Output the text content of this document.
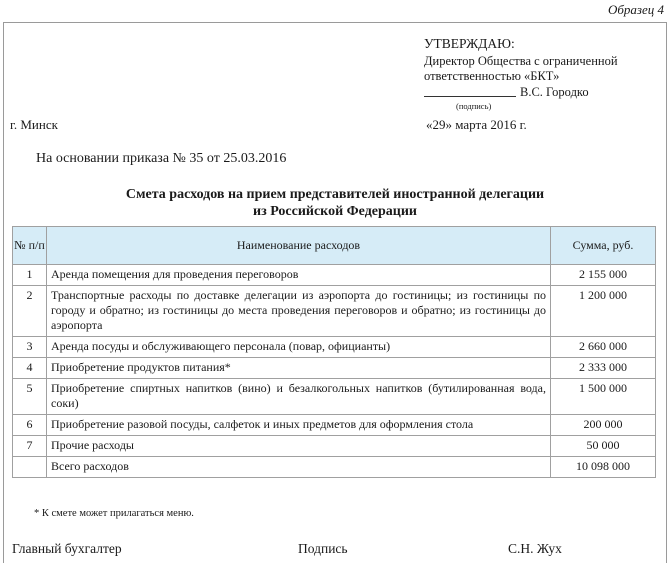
Образец 4
УТВЕРЖДАЮ:
Директор Общества с ограниченной
ответственностью «БКТ»
В.С. Городко
(подпись)
г. Минск	«29» марта 2016 г.
На основании приказа № 35 от 25.03.2016
Смета расходов на прием представителей иностранной делегации
из Российской Федерации
№ п/п	Наименование расходов	Сумма, руб.
1	Аренда помещения для проведения переговоров	2 155 000
2	Транспортные расходы по доставке делегации из аэропорта до гостиницы; из гостиницы по городу и обратно; из гостиницы до места проведения переговоров и обратно; из гостиницы до аэропорта	1 200 000
3	Аренда посуды и обслуживающего персонала (повар, официанты)	2 660 000
4	Приобретение продуктов питания*	2 333 000
5	Приобретение спиртных напитков (вино) и безалкогольных напитков (бутилированная вода, соки)	1 500 000
6	Приобретение разовой посуды, салфеток и иных предметов для оформления стола	200 000
7	Прочие расходы	50 000
	Всего расходов	10 098 000
* К смете может прилагаться меню.
Главный бухгалтер	Подпись	С.Н. Жух
